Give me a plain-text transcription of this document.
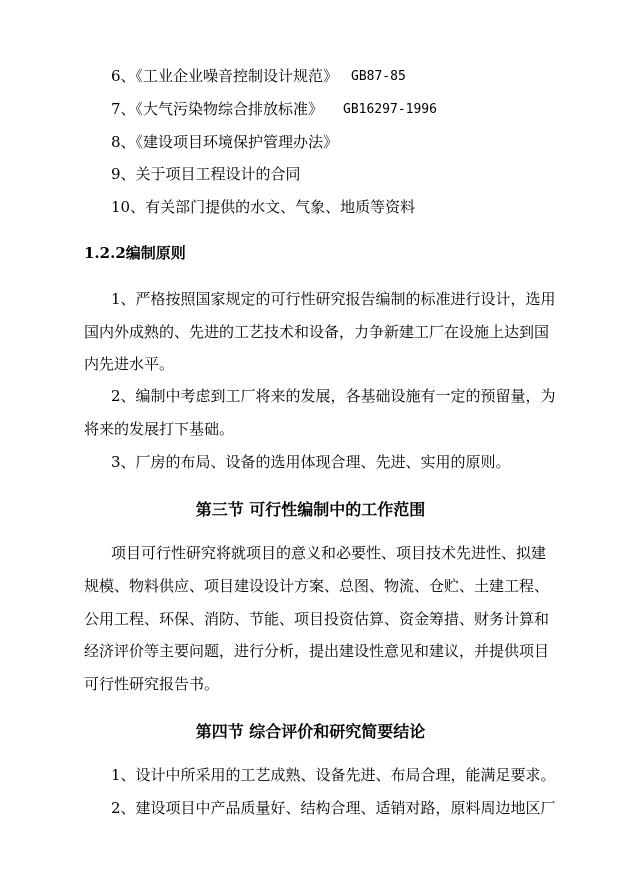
6、《工业企业噪音控制设计规范》 GB87-85
7、《大气污染物综合排放标准》 GB16297-1996
8、《建设项目环境保护管理办法》
9、关于项目工程设计的合同
10、有关部门提供的水文、气象、地质等资料
1.2.2编制原则
1、严格按照国家规定的可行性研究报告编制的标准进行设计，选用
国内外成熟的、先进的工艺技术和设备，力争新建工厂在设施上达到国
内先进水平。
2、编制中考虑到工厂将来的发展，各基础设施有一定的预留量，为
将来的发展打下基础。
3、厂房的布局、设备的选用体现合理、先进、实用的原则。
第三节 可行性编制中的工作范围
项目可行性研究将就项目的意义和必要性、项目技术先进性、拟建
规模、物料供应、项目建设设计方案、总图、物流、仓贮、土建工程、
公用工程、环保、消防、节能、项目投资估算、资金筹措、财务计算和
经济评价等主要问题，进行分析，提出建设性意见和建议，并提供项目
可行性研究报告书。
第四节 综合评价和研究简要结论
1、设计中所采用的工艺成熟、设备先进、布局合理，能满足要求。
2、建设项目中产品质量好、结构合理、适销对路，原料周边地区厂
